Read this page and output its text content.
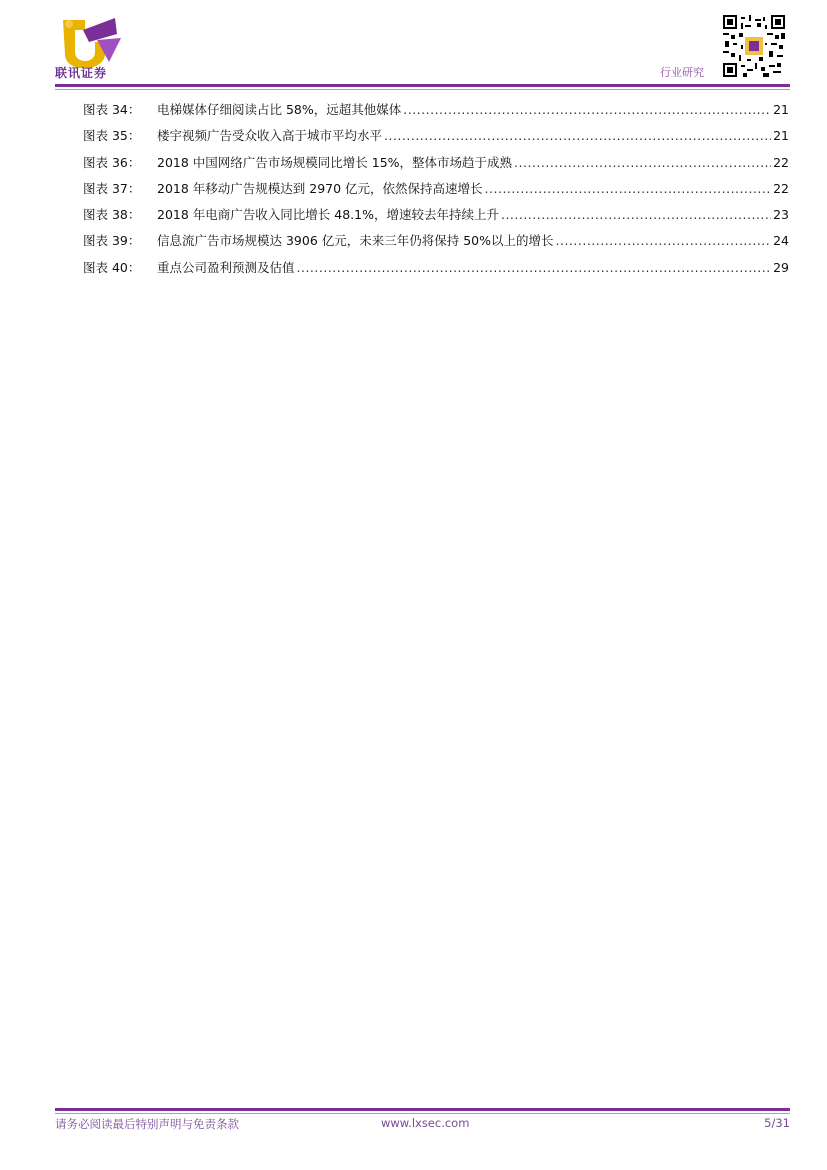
联讯证券	行业研究
图表 34：	电梯媒体仔细阅读占比 58%，远超其他媒体 .....	21
图表 35：	楼宇视频广告受众收入高于城市平均水平 .....	21
图表 36：	2018 中国网络广告市场规模同比增长 15%，整体市场趋于成熟 .....	22
图表 37：	2018 年移动广告规模达到 2970 亿元，依然保持高速增长 .....	22
图表 38：	2018 年电商广告收入同比增长 48.1%，增速较去年持续上升 .....	23
图表 39：	信息流广告市场规模达 3906 亿元，未来三年仍将保持 50%以上的增长 .....	24
图表 40：	重点公司盈利预测及估值 .....	29
请务必阅读最后特别声明与免责条款	www.lxsec.com	5/31
